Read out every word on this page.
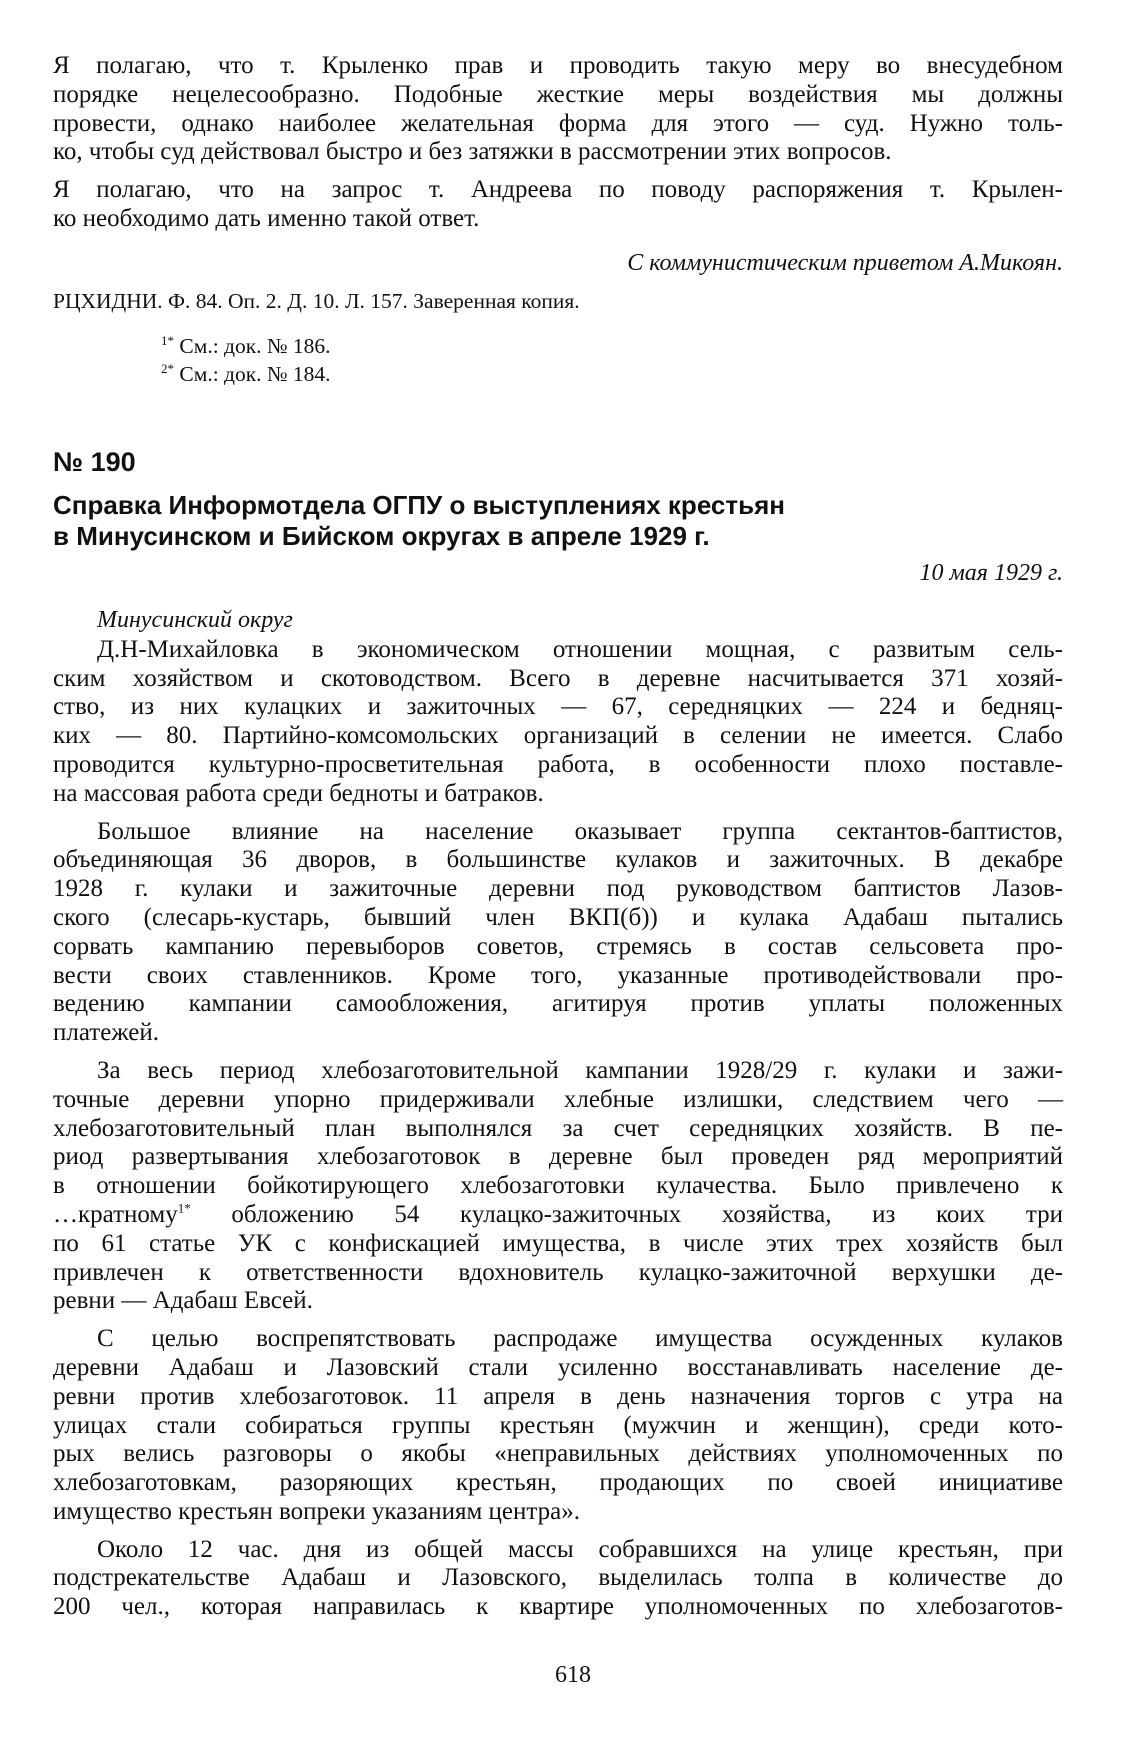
Я полагаю, что т. Крыленко прав и проводить такую меру во внесудебном
порядке нецелесообразно. Подобные жесткие меры воздействия мы должны
провести, однако наиболее желательная форма для этого — суд. Нужно толь-
ко, чтобы суд действовал быстро и без затяжки в рассмотрении этих вопросов.
Я полагаю, что на запрос т. Андреева по поводу распоряжения т. Крылен-
ко необходимо дать именно такой ответ.
С коммунистическим приветом А.Микоян.
РЦХИДНИ. Ф. 84. Оп. 2. Д. 10. Л. 157. Заверенная копия.
$^{1*}$ См.: док. № 186.
$^{2*}$ См.: док. № 184.
№ 190
Справка Информотдела ОГПУ о выступлениях крестьян
в Минусинском и Бийском округах в апреле 1929 г.
10 мая 1929 г.
Минусинский округ
Д.Н-Михайловка в экономическом отношении мощная, с развитым сель-
ским хозяйством и скотоводством. Всего в деревне насчитывается 371 хозяй-
ство, из них кулацких и зажиточных — 67, середняцких — 224 и бедняц-
ких — 80. Партийно-комсомольских организаций в селении не имеется. Слабо
проводится культурно-просветительная работа, в особенности плохо поставле-
на массовая работа среди бедноты и батраков.
Большое влияние на население оказывает группа сектантов-баптистов,
объединяющая 36 дворов, в большинстве кулаков и зажиточных. В декабре
1928 г. кулаки и зажиточные деревни под руководством баптистов Лазов-
ского (слесарь-кустарь, бывший член ВКП(б)) и кулака Адабаш пытались
сорвать кампанию перевыборов советов, стремясь в состав сельсовета про-
вести своих ставленников. Кроме того, указанные противодействовали про-
ведению кампании самообложения, агитируя против уплаты положенных
платежей.
За весь период хлебозаготовительной кампании 1928/29 г. кулаки и зажи-
точные деревни упорно придерживали хлебные излишки, следствием чего —
хлебозаготовительный план выполнялся за счет середняцких хозяйств. В пе-
риод развертывания хлебозаготовок в деревне был проведен ряд мероприятий
в отношении бойкотирующего хлебозаготовки кулачества. Было привлечено к
…кратному$^{1*}$ обложению 54 кулацко-зажиточных хозяйства, из коих три
по 61 статье УК с конфискацией имущества, в числе этих трех хозяйств был
привлечен к ответственности вдохновитель кулацко-зажиточной верхушки де-
ревни — Адабаш Евсей.
С целью воспрепятствовать распродаже имущества осужденных кулаков
деревни Адабаш и Лазовский стали усиленно восстанавливать население де-
ревни против хлебозаготовок. 11 апреля в день назначения торгов с утра на
улицах стали собираться группы крестьян (мужчин и женщин), среди кото-
рых велись разговоры о якобы «неправильных действиях уполномоченных по
хлебозаготовкам, разоряющих крестьян, продающих по своей инициативе
имущество крестьян вопреки указаниям центра».
Около 12 час. дня из общей массы собравшихся на улице крестьян, при
подстрекательстве Адабаш и Лазовского, выделилась толпа в количестве до
200 чел., которая направилась к квартире уполномоченных по хлебозаготов-
618
